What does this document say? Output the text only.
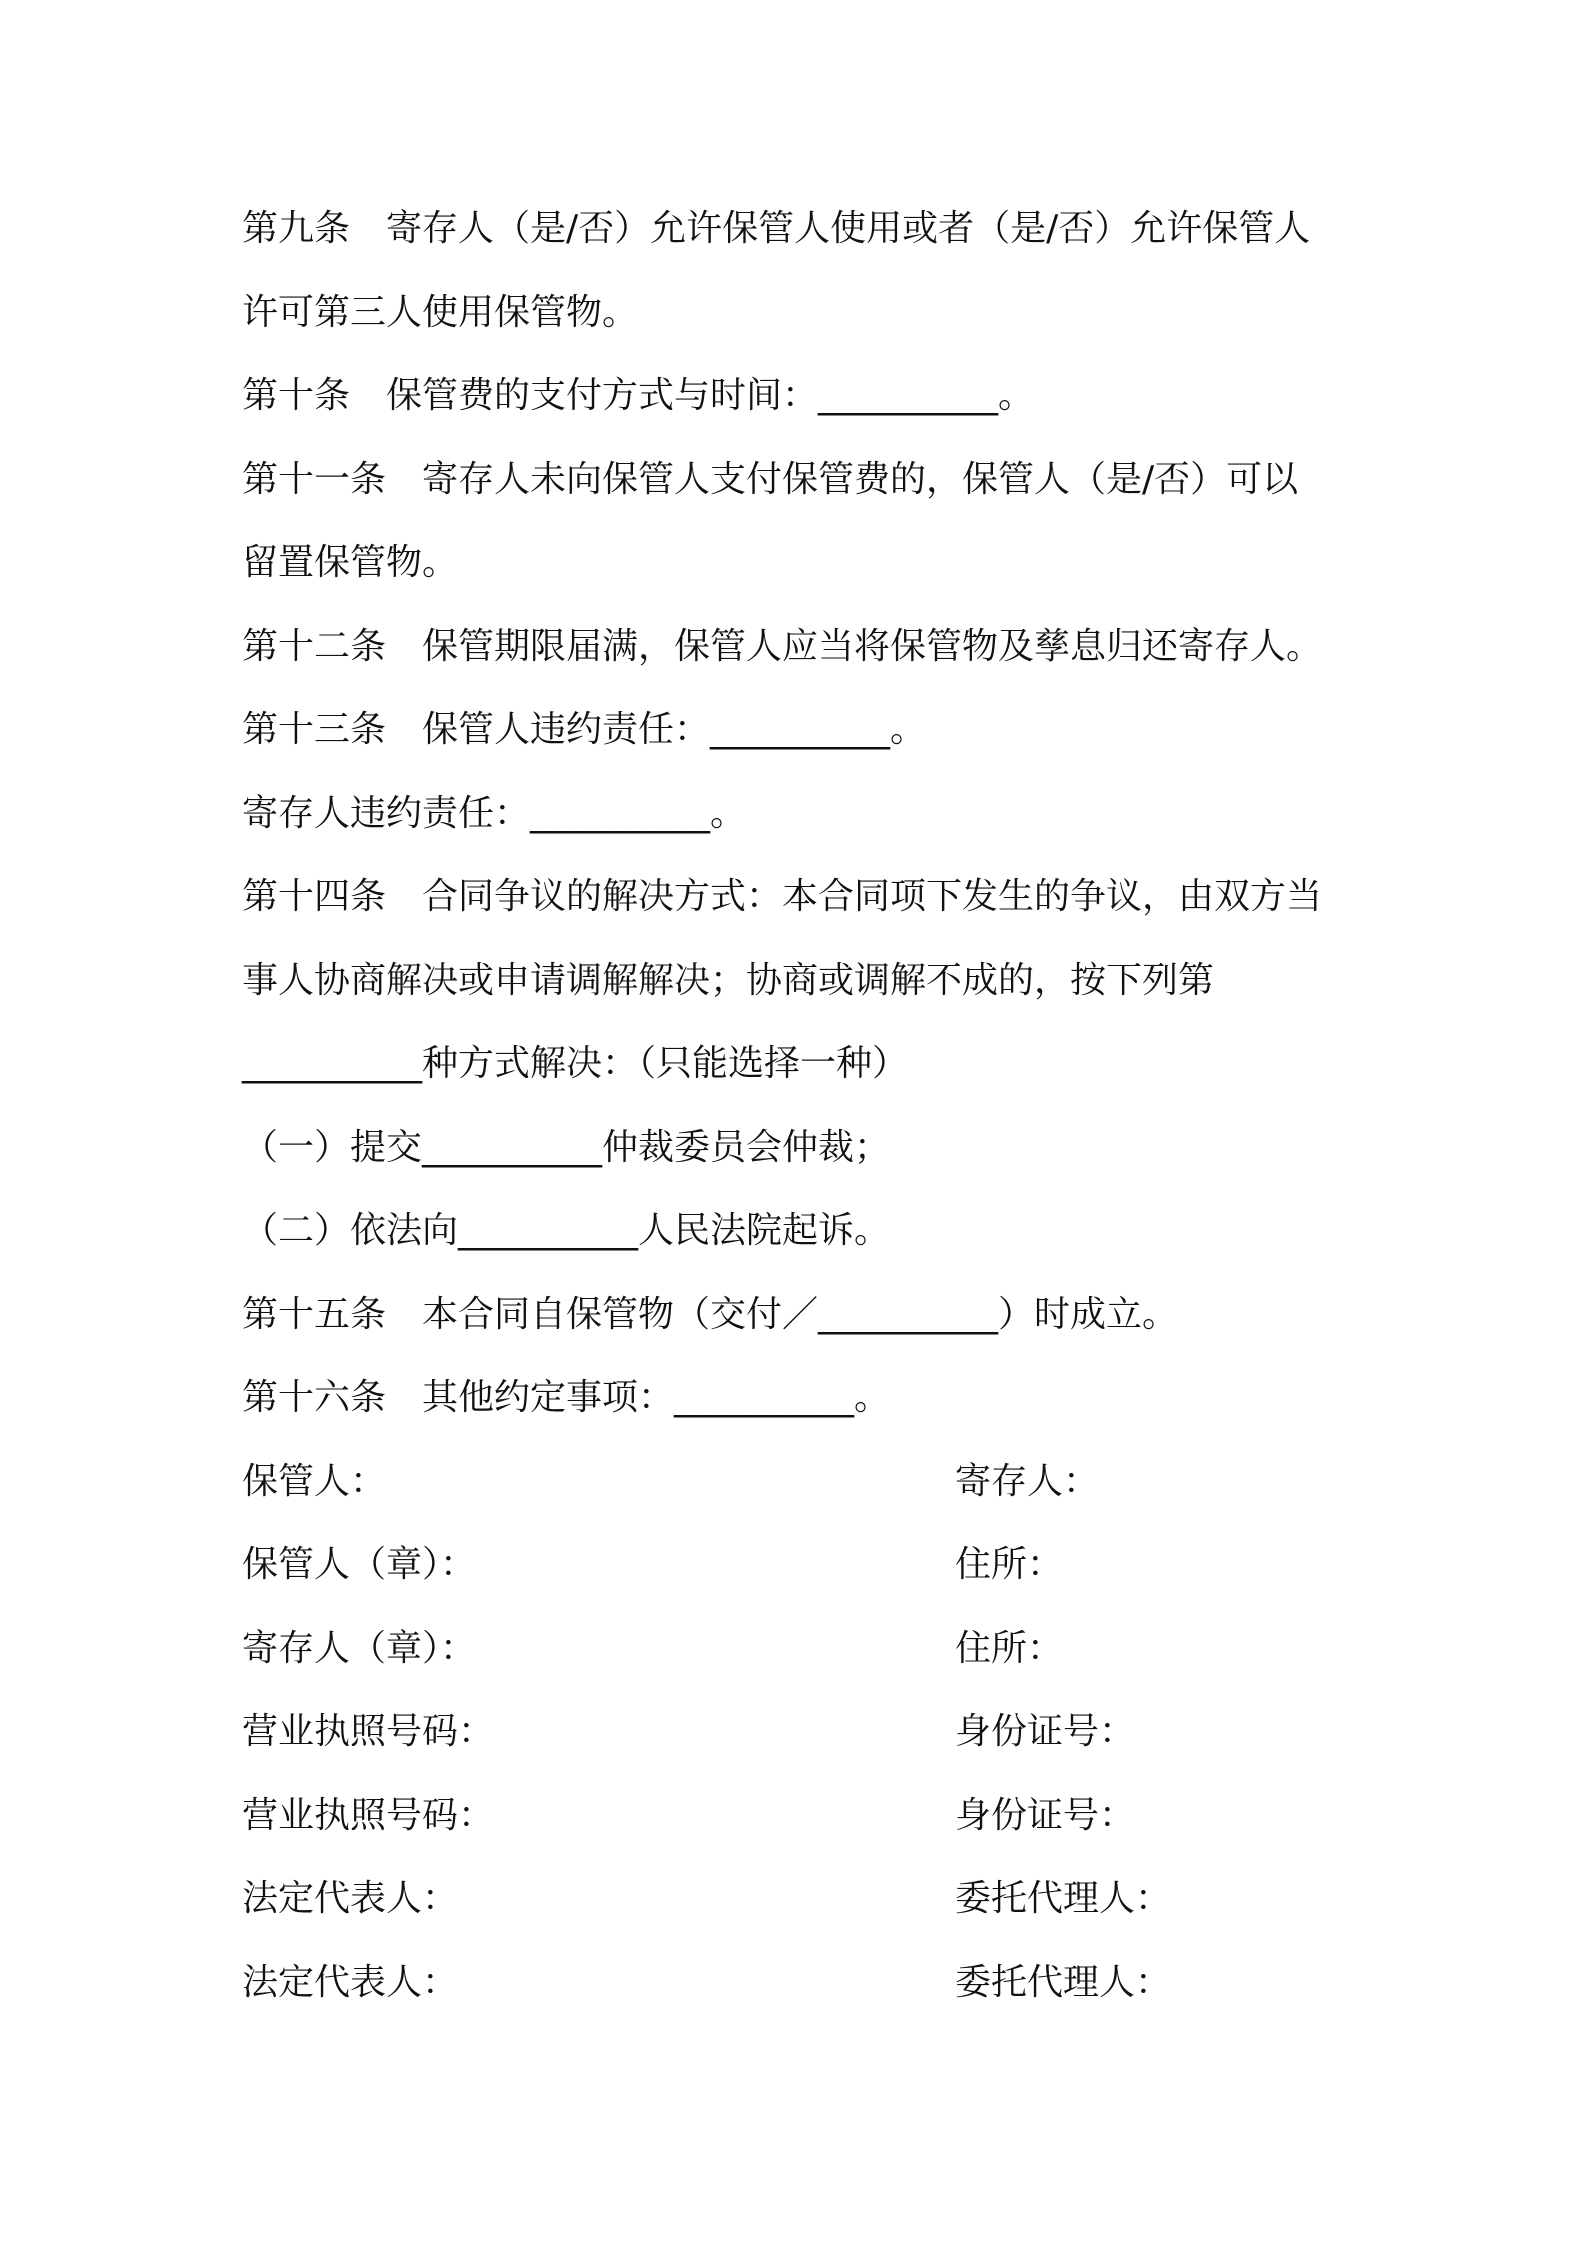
第九条　寄存人（是/否）允许保管人使用或者（是/否）允许保管人
许可第三人使用保管物。
第十条　保管费的支付方式与时间：__________。
第十一条　寄存人未向保管人支付保管费的，保管人（是/否）可以
留置保管物。
第十二条　保管期限届满，保管人应当将保管物及孳息归还寄存人。
第十三条　保管人违约责任：__________。
寄存人违约责任：__________。
第十四条　合同争议的解决方式：本合同项下发生的争议，由双方当
事人协商解决或申请调解解决；协商或调解不成的，按下列第
__________种方式解决：（只能选择一种）
（一）提交__________仲裁委员会仲裁；
（二）依法向__________人民法院起诉。
第十五条　本合同自保管物（交付／__________）时成立。
第十六条　其他约定事项：__________。
保管人：	寄存人：
保管人（章）：	住所：
寄存人（章）：	住所：
营业执照号码：	身份证号：
营业执照号码：	身份证号：
法定代表人：	委托代理人：
法定代表人：	委托代理人：
